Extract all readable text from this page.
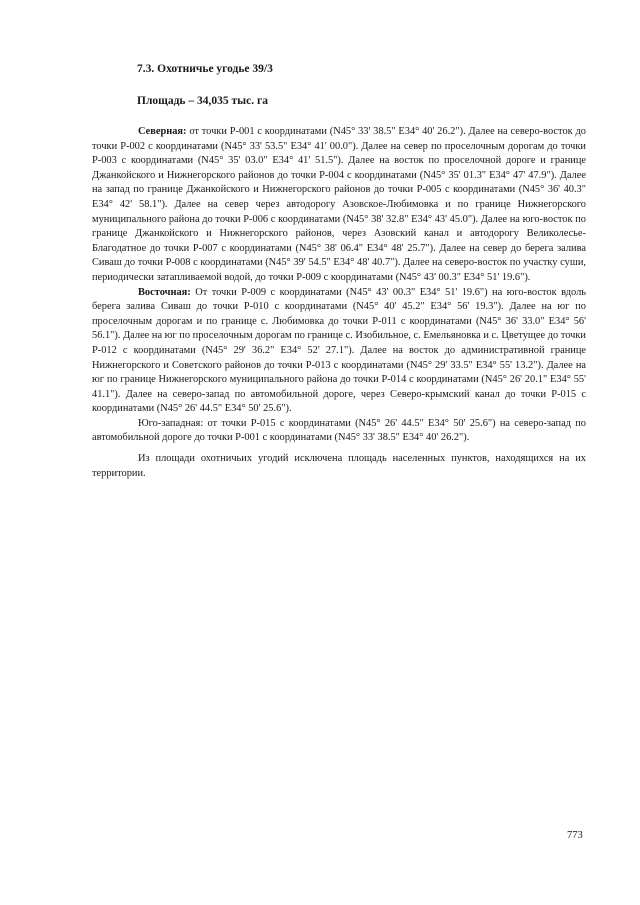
7.3. Охотничье угодье 39/3
Площадь – 34,035 тыс. га

Северная: от точки Р-001 с координатами (N45° 33' 38.5" E34° 40' 26.2"). Далее на северо-восток до точки Р-002 с координатами (N45° 33' 53.5" E34° 41' 00.0"). Далее на север по проселочным дорогам до точки Р-003 с координатами (N45° 35' 03.0" E34° 41' 51.5"). Далее на восток по проселочной дороге и границе Джанкойского и Нижнегорского районов до точки Р-004 с координатами (N45° 35' 01.3" E34° 47' 47.9"). Далее на запад по границе Джанкойского и Нижнегорского районов до точки Р-005 с координатами (N45° 36' 40.3" E34° 42' 58.1"). Далее на север через автодорогу Азовское-Любимовка и по границе Нижнегорского муниципального района до точки Р-006 с координатами (N45° 38' 32.8" E34° 43' 45.0"). Далее на юго-восток по границе Джанкойского и Нижнегорского районов, через Азовский канал и автодорогу Великолесье-Благодатное до точки Р-007 с координатами (N45° 38' 06.4" E34° 48' 25.7"). Далее на север до берега залива Сиваш до точки Р-008 с координатами (N45° 39' 54.5" E34° 48' 40.7"). Далее на северо-восток по участку суши, периодически затапливаемой водой, до точки Р-009 с координатами (N45° 43' 00.3" E34° 51' 19.6").

Восточная: От точки Р-009 с координатами (N45° 43' 00.3" E34° 51' 19.6") на юго-восток вдоль берега залива Сиваш до точки Р-010 с координатами (N45° 40' 45.2" E34° 56' 19.3"). Далее на юг по проселочным дорогам и по границе с. Любимовка до точки Р-011 с координатами (N45° 36' 33.0" E34° 56' 56.1"). Далее на юг по проселочным дорогам по границе с. Изобильное, с. Емельяновка и с. Цветущее до точки Р-012 с координатами (N45° 29' 36.2" E34° 52' 27.1"). Далее на восток до административной границе Нижнегорского и Советского районов до точки Р-013 с координатами (N45° 29' 33.5" E34° 55' 13.2"). Далее на юг по границе Нижнегорского муниципального района до точки Р-014 с координатами (N45° 26' 20.1" E34° 55' 41.1"). Далее на северо-запад по автомобильной дороге, через Северо-крымский канал до точки Р-015 с координатами (N45° 26' 44.5" E34° 50' 25.6").

Юго-западная: от точки Р-015 с координатами (N45° 26' 44.5" E34° 50' 25.6") на северо-запад по автомобильной дороге до точки Р-001 с координатами (N45° 33' 38.5" E34° 40' 26.2").

Из площади охотничьих угодий исключена площадь населенных пунктов, находящихся на их территории.

773
